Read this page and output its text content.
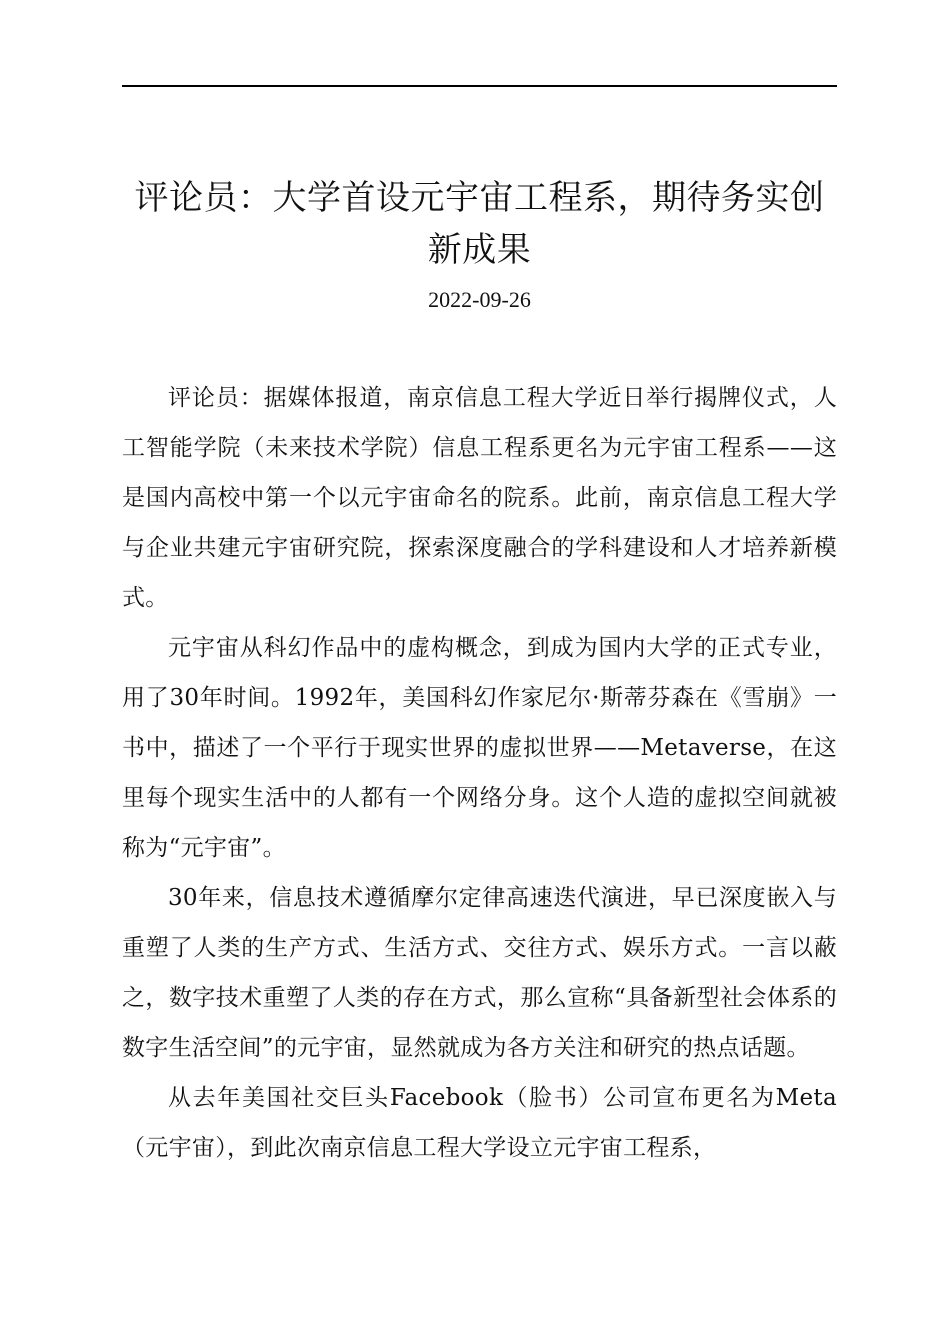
评论员：大学首设元宇宙工程系，期待务实创新成果
2022-09-26

评论员：据媒体报道，南京信息工程大学近日举行揭牌仪式，人工智能学院（未来技术学院）信息工程系更名为元宇宙工程系——这是国内高校中第一个以元宇宙命名的院系。此前，南京信息工程大学与企业共建元宇宙研究院，探索深度融合的学科建设和人才培养新模式。

元宇宙从科幻作品中的虚构概念，到成为国内大学的正式专业，用了30年时间。1992年，美国科幻作家尼尔·斯蒂芬森在《雪崩》一书中，描述了一个平行于现实世界的虚拟世界——Metaverse，在这里每个现实生活中的人都有一个网络分身。这个人造的虚拟空间就被称为“元宇宙”。

30年来，信息技术遵循摩尔定律高速迭代演进，早已深度嵌入与重塑了人类的生产方式、生活方式、交往方式、娱乐方式。一言以蔽之，数字技术重塑了人类的存在方式，那么宣称“具备新型社会体系的数字生活空间”的元宇宙，显然就成为各方关注和研究的热点话题。

从去年美国社交巨头Facebook（脸书）公司宣布更名为Meta（元宇宙），到此次南京信息工程大学设立元宇宙工程系，
